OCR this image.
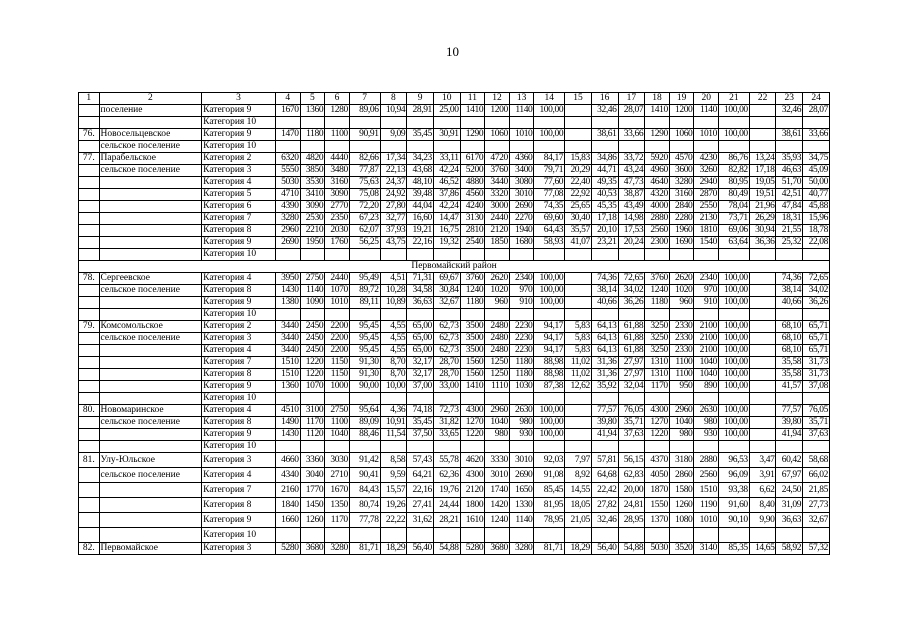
10
1	2	3	4	5	6	7	8	9	10	11	12	13	14	15	16	17	18	19	20	21	22	23	24
	поселение	Категория 9	1670	1360	1280	89,06	10,94	28,91	25,00	1410	1200	1140	100,00		32,46	28,07	1410	1200	1140	100,00		32,46	28,07
		Категория 10																					
76.	Новосельцевское	Категория 9	1470	1180	1100	90,91	9,09	35,45	30,91	1290	1060	1010	100,00		38,61	33,66	1290	1060	1010	100,00		38,61	33,66
	сельское поселение	Категория 10																					
77.	Парабельское	Категория 2	6320	4820	4440	82,66	17,34	34,23	33,11	6170	4720	4360	84,17	15,83	34,86	33,72	5920	4570	4230	86,76	13,24	35,93	34,75
	сельское поселение	Категория 3	5550	3850	3480	77,87	22,13	43,68	42,24	5200	3760	3400	79,71	20,29	44,71	43,24	4960	3600	3260	82,82	17,18	46,63	45,09
		Категория 4	5030	3530	3160	75,63	24,37	48,10	46,52	4880	3440	3080	77,60	22,40	49,35	47,73	4640	3280	2940	80,95	19,05	51,70	50,00
		Категория 5	4710	3410	3090	75,08	24,92	39,48	37,86	4560	3320	3010	77,08	22,92	40,53	38,87	4320	3160	2870	80,49	19,51	42,51	40,77
		Категория 6	4390	3090	2770	72,20	27,80	44,04	42,24	4240	3000	2690	74,35	25,65	45,35	43,49	4000	2840	2550	78,04	21,96	47,84	45,88
		Категория 7	3280	2530	2350	67,23	32,77	16,60	14,47	3130	2440	2270	69,60	30,40	17,18	14,98	2880	2280	2130	73,71	26,29	18,31	15,96
		Категория 8	2960	2210	2030	62,07	37,93	19,21	16,75	2810	2120	1940	64,43	35,57	20,10	17,53	2560	1960	1810	69,06	30,94	21,55	18,78
		Категория 9	2690	1950	1760	56,25	43,75	22,16	19,32	2540	1850	1680	58,93	41,07	23,21	20,24	2300	1690	1540	63,64	36,36	25,32	22,08
		Категория 10																					
Первомайский район																							
78.	Сергеевское	Категория 4	3950	2750	2440	95,49	4,51	71,31	69,67	3760	2620	2340	100,00		74,36	72,65	3760	2620	2340	100,00		74,36	72,65
	сельское поселение	Категория 8	1430	1140	1070	89,72	10,28	34,58	30,84	1240	1020	970	100,00		38,14	34,02	1240	1020	970	100,00		38,14	34,02
		Категория 9	1380	1090	1010	89,11	10,89	36,63	32,67	1180	960	910	100,00		40,66	36,26	1180	960	910	100,00		40,66	36,26
		Категория 10																					
79.	Комсомольское	Категория 2	3440	2450	2200	95,45	4,55	65,00	62,73	3500	2480	2230	94,17	5,83	64,13	61,88	3250	2330	2100	100,00		68,10	65,71
	сельское поселение	Категория 3	3440	2450	2200	95,45	4,55	65,00	62,73	3500	2480	2230	94,17	5,83	64,13	61,88	3250	2330	2100	100,00		68,10	65,71
		Категория 4	3440	2450	2200	95,45	4,55	65,00	62,73	3500	2480	2230	94,17	5,83	64,13	61,88	3250	2330	2100	100,00		68,10	65,71
		Категория 7	1510	1220	1150	91,30	8,70	32,17	28,70	1560	1250	1180	88,98	11,02	31,36	27,97	1310	1100	1040	100,00		35,58	31,73
		Категория 8	1510	1220	1150	91,30	8,70	32,17	28,70	1560	1250	1180	88,98	11,02	31,36	27,97	1310	1100	1040	100,00		35,58	31,73
		Категория 9	1360	1070	1000	90,00	10,00	37,00	33,00	1410	1110	1030	87,38	12,62	35,92	32,04	1170	950	890	100,00		41,57	37,08
		Категория 10																					
80.	Новомаринское	Категория 4	4510	3100	2750	95,64	4,36	74,18	72,73	4300	2960	2630	100,00		77,57	76,05	4300	2960	2630	100,00		77,57	76,05
	сельское поселение	Категория 8	1490	1170	1100	89,09	10,91	35,45	31,82	1270	1040	980	100,00		39,80	35,71	1270	1040	980	100,00		39,80	35,71
		Категория 9	1430	1120	1040	88,46	11,54	37,50	33,65	1220	980	930	100,00		41,94	37,63	1220	980	930	100,00		41,94	37,63
		Категория 10																					
81.	Улу-Юльское	Категория 3	4660	3360	3030	91,42	8,58	57,43	55,78	4620	3330	3010	92,03	7,97	57,81	56,15	4370	3180	2880	96,53	3,47	60,42	58,68
	сельское поселение	Категория 4	4340	3040	2710	90,41	9,59	64,21	62,36	4300	3010	2690	91,08	8,92	64,68	62,83	4050	2860	2560	96,09	3,91	67,97	66,02
		Категория 7	2160	1770	1670	84,43	15,57	22,16	19,76	2120	1740	1650	85,45	14,55	22,42	20,00	1870	1580	1510	93,38	6,62	24,50	21,85
		Категория 8	1840	1450	1350	80,74	19,26	27,41	24,44	1800	1420	1330	81,95	18,05	27,82	24,81	1550	1260	1190	91,60	8,40	31,09	27,73
		Категория 9	1660	1260	1170	77,78	22,22	31,62	28,21	1610	1240	1140	78,95	21,05	32,46	28,95	1370	1080	1010	90,10	9,90	36,63	32,67
		Категория 10																					
82.	Первомайское	Категория 3	5280	3680	3280	81,71	18,29	56,40	54,88	5280	3680	3280	81,71	18,29	56,40	54,88	5030	3520	3140	85,35	14,65	58,92	57,32
